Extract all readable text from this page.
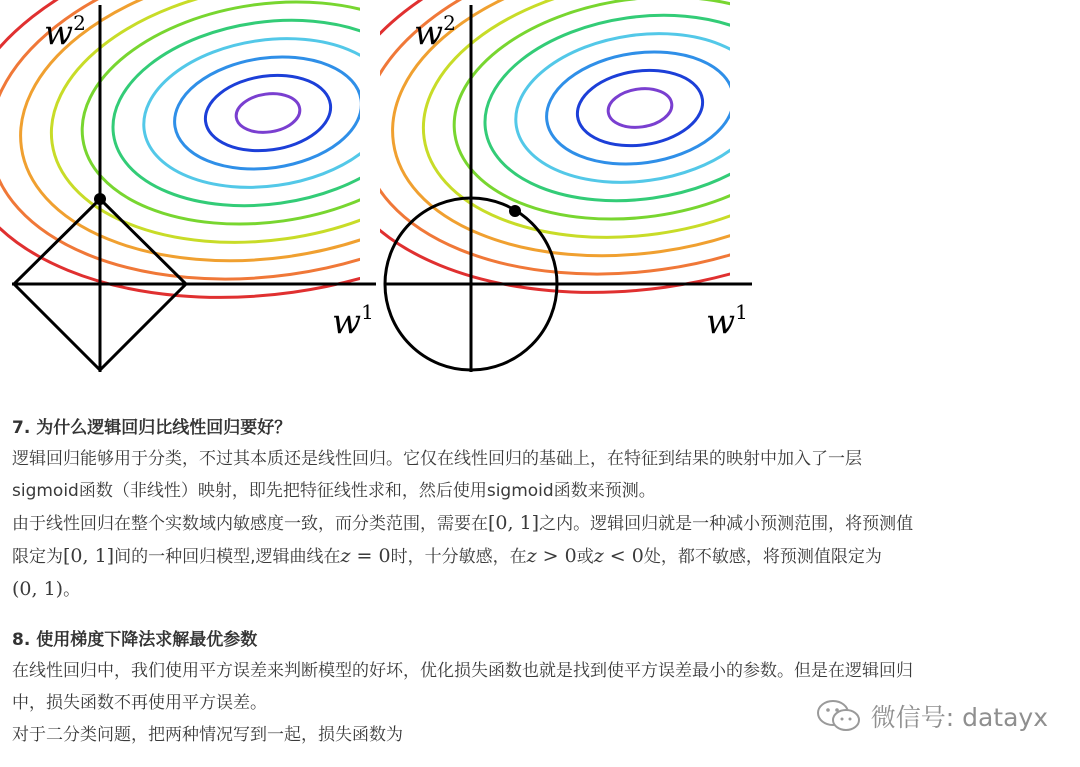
$w^2$
$w^1$
$w^2$
$w^1$
7. 为什么逻辑回归比线性回归要好？
逻辑回归能够用于分类，不过其本质还是线性回归。它仅在线性回归的基础上，在特征到结果的映射中加入了一层
sigmoid函数（非线性）映射，即先把特征线性求和，然后使用sigmoid函数来预测。
由于线性回归在整个实数域内敏感度一致，而分类范围，需要在[0, 1]之内。逻辑回归就是一种减小预测范围，将预测值
限定为[0, 1]间的一种回归模型,逻辑曲线在z = 0时，十分敏感，在z > 0或z < 0处，都不敏感，将预测值限定为
(0, 1)。
8. 使用梯度下降法求解最优参数
在线性回归中，我们使用平方误差来判断模型的好坏，优化损失函数也就是找到使平方误差最小的参数。但是在逻辑回归
中，损失函数不再使用平方误差。
对于二分类问题，把两种情况写到一起，损失函数为
微信号: datayx
